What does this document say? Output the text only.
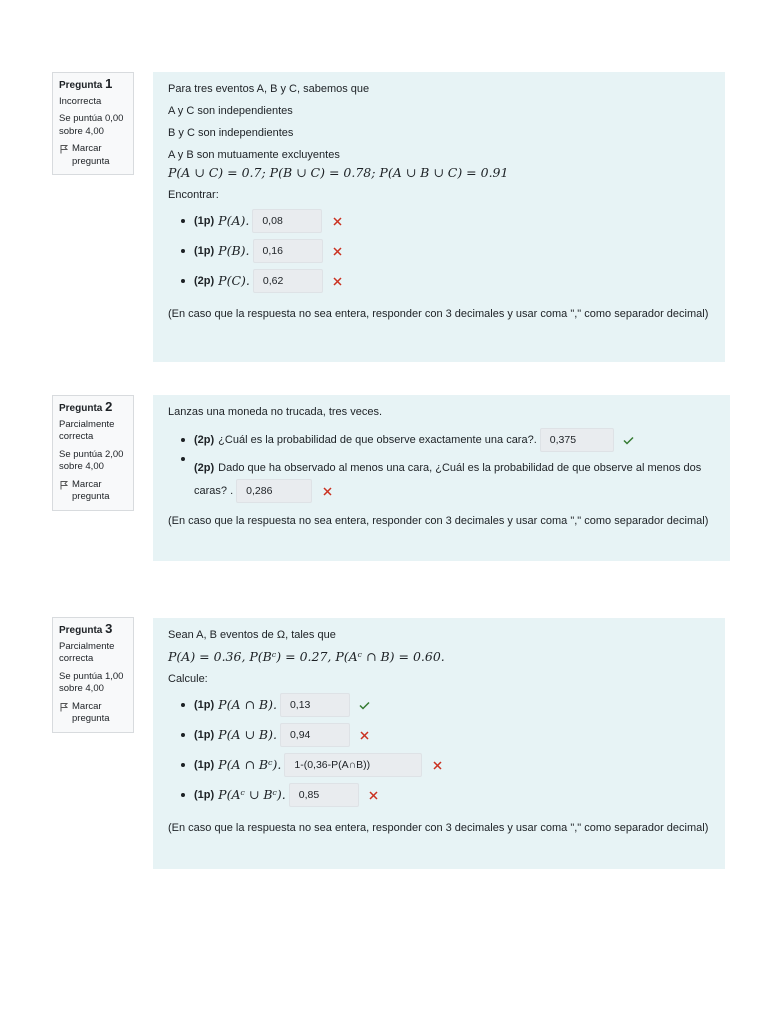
Pregunta 1
Incorrecta
Se puntúa 0,00 sobre 4,00
Marcar pregunta

Para tres eventos A, B y C, sabemos que

A y C son independientes

B y C son independientes

A y B son mutuamente excluyentes

P(A ∪ C) = 0.7; P(B ∪ C) = 0.78; P(A ∪ B ∪ C) = 0.91

Encontrar:

(1p) P(A).	0,08
(1p) P(B).	0,16
(2p) P(C).	0,62

(En caso que la respuesta no sea entera, responder con 3 decimales y usar coma "," como separador decimal)

Pregunta 2
Parcialmente correcta
Se puntúa 2,00 sobre 4,00
Marcar pregunta

Lanzas una moneda no trucada, tres veces.

(2p) ¿Cuál es la probabilidad de que observe exactamente una cara?.	0,375
(2p) Dado que ha observado al menos una cara, ¿Cuál es la probabilidad de que observe al menos dos caras? . 0,286

(En caso que la respuesta no sea entera, responder con 3 decimales y usar coma "," como separador decimal)

Pregunta 3
Parcialmente correcta
Se puntúa 1,00 sobre 4,00
Marcar pregunta

Sean A, B eventos de Ω, tales que

P(A) = 0.36, P(Bᶜ) = 0.27, P(Aᶜ ∩ B) = 0.60.

Calcule:

(1p) P(A ∩ B).	0,13
(1p) P(A ∪ B).	0,94
(1p) P(A ∩ Bᶜ).	1-(0,36-P(A∩B))
(1p) P(Aᶜ ∪ Bᶜ).	0,85

(En caso que la respuesta no sea entera, responder con 3 decimales y usar coma "," como separador decimal)
